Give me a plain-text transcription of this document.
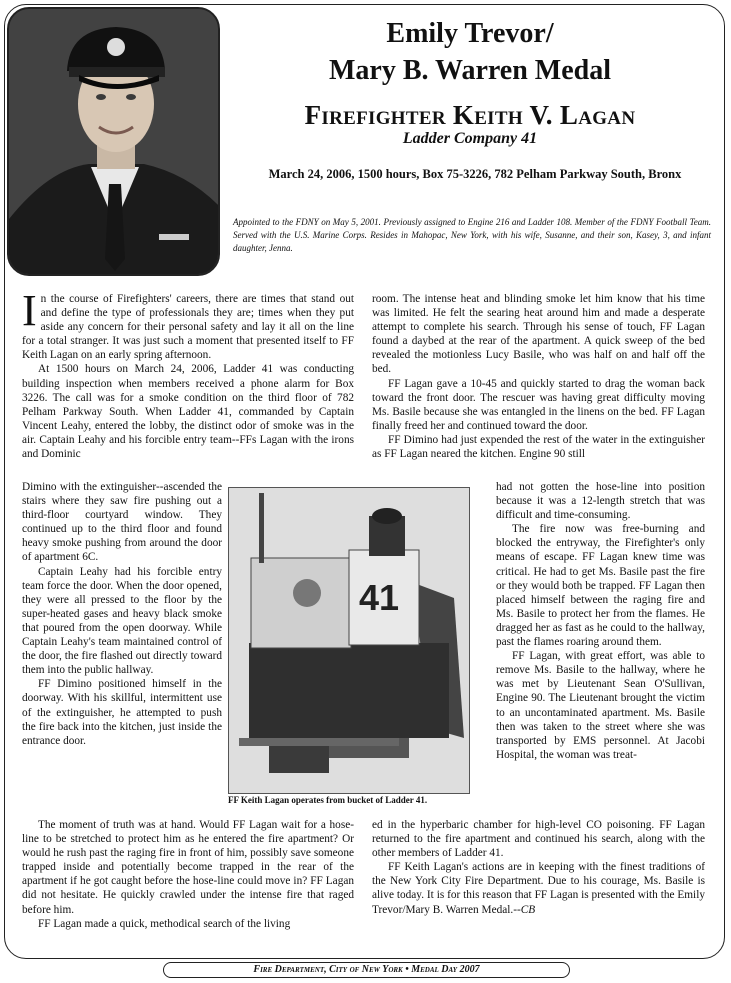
Emily Trevor/
Mary B. Warren Medal
Firefighter Keith V. Lagan
Ladder Company 41
March 24, 2006, 1500 hours, Box 75-3226, 782 Pelham Parkway South, Bronx
Appointed to the FDNY on May 5, 2001. Previously assigned to Engine 216 and Ladder 108. Member of the FDNY Football Team. Served with the U.S. Marine Corps. Resides in Mahopac, New York, with his wife, Susanne, and their son, Kasey, 3, and infant daughter, Jenna.

In the course of Firefighters' careers, there are times that stand out and define the type of professionals they are; times when they put aside any concern for their personal safety and lay it all on the line for a total stranger. It was just such a moment that presented itself to FF Keith Lagan on an early spring afternoon.

At 1500 hours on March 24, 2006, Ladder 41 was conducting building inspection when members received a phone alarm for Box 3226. The call was for a smoke condition on the third floor of 782 Pelham Parkway South. When Ladder 41, commanded by Captain Vincent Leahy, entered the lobby, the distinct odor of smoke was in the air. Captain Leahy and his forcible entry team--FFs Lagan with the irons and Dominic

Dimino with the extinguisher--ascended the stairs where they saw fire pushing out a third-floor courtyard window. They continued up to the third floor and found heavy smoke pushing from around the door of apartment 6C.

Captain Leahy had his forcible entry team force the door. When the door opened, they were all pressed to the floor by the super-heated gases and heavy black smoke that poured from the open doorway. While Captain Leahy's team maintained control of the door, the fire flashed out directly toward them into the public hallway.

FF Dimino positioned himself in the doorway. With his skillful, intermittent use of the extinguisher, he attempted to push the fire back into the kitchen, just inside the entrance door.

The moment of truth was at hand. Would FF Lagan wait for a hose-line to be stretched to protect him as he entered the fire apartment? Or would he rush past the raging fire in front of him, possibly save someone trapped inside and potentially become trapped in the rear of the apartment if he got caught before the hose-line could move in? FF Lagan did not hesitate. He quickly crawled under the intense fire that raged before him.

FF Lagan made a quick, methodical search of the living

room. The intense heat and blinding smoke let him know that his time was limited. He felt the searing heat around him and made a desperate attempt to complete his search. Through his sense of touch, FF Lagan found a daybed at the rear of the apartment. A quick sweep of the bed revealed the motionless Lucy Basile, who was half on and half off the bed.

FF Lagan gave a 10-45 and quickly started to drag the woman back toward the front door. The rescuer was having great difficulty moving Ms. Basile because she was entangled in the linens on the bed. FF Lagan finally freed her and continued toward the door.

FF Dimino had just expended the rest of the water in the extinguisher as FF Lagan neared the kitchen. Engine 90 still

had not gotten the hose-line into position because it was a 12-length stretch that was difficult and time-consuming.

The fire now was free-burning and blocked the entryway, the Firefighter's only means of escape. FF Lagan knew time was critical. He had to get Ms. Basile past the fire or they would both be trapped. FF Lagan then placed himself between the raging fire and Ms. Basile to protect her from the flames. He dragged her as fast as he could to the hallway, past the flames roaring around them.

FF Lagan, with great effort, was able to remove Ms. Basile to the hallway, where he was met by Lieutenant Sean O'Sullivan, Engine 90. The Lieutenant brought the victim to an uncontaminated apartment. Ms. Basile then was taken to the street where she was transported by EMS personnel. At Jacobi Hospital, the woman was treat-

ed in the hyperbaric chamber for high-level CO poisoning. FF Lagan returned to the fire apartment and continued his search, along with the other members of Ladder 41.

FF Keith Lagan's actions are in keeping with the finest traditions of the New York City Fire Department. Due to his courage, Ms. Basile is alive today. It is for this reason that FF Lagan is presented with the Emily Trevor/Mary B. Warren Medal.--CB

41
FF Keith Lagan operates from bucket of Ladder 41.
Fire Department, City of New York • Medal Day 2007
